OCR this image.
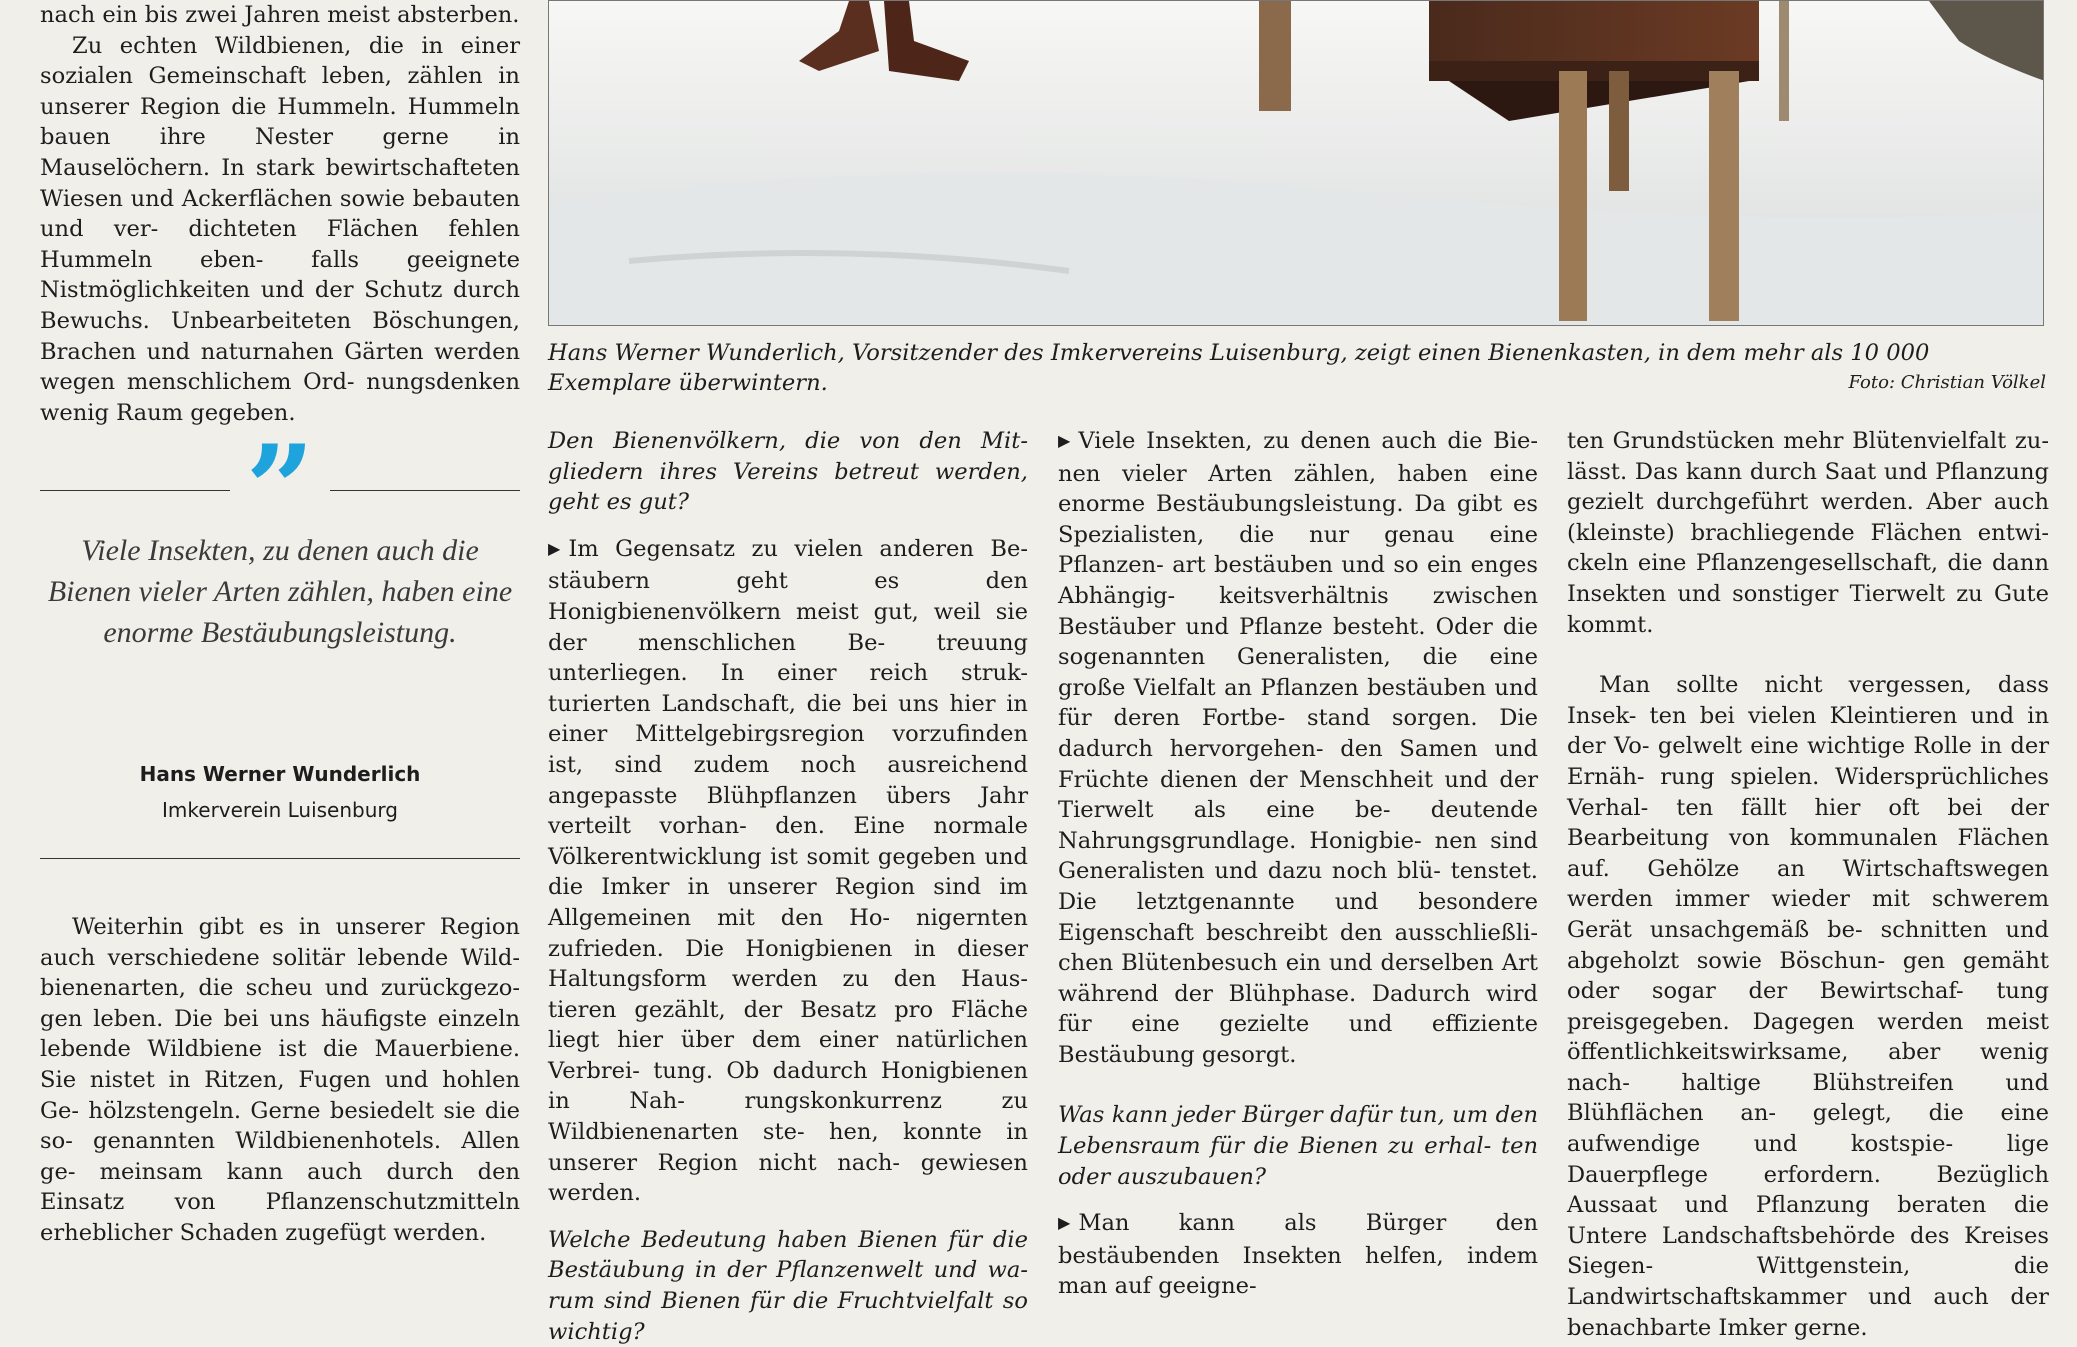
Hans Werner Wunderlich, Vorsitzender des Imkervereins Luisenburg, zeigt einen Bienenkasten, in dem mehr als 10 000 Exemplare überwintern.	Foto: Christian Völkel

nach ein bis zwei Jahren meist absterben.

Zu echten Wildbienen, die in einer sozialen Gemeinschaft leben, zählen in unserer Region die Hummeln. Hummeln bauen ihre Nester gerne in Mauselöchern. In stark bewirtschafteten Wiesen und Ackerflächen sowie bebauten und ver- dichteten Flächen fehlen Hummeln eben- falls geeignete Nistmöglichkeiten und der Schutz durch Bewuchs. Unbearbeiteten Böschungen, Brachen und naturnahen Gärten werden wegen menschlichem Ord- nungsdenken wenig Raum gegeben.

Weiterhin gibt es in unserer Region auch verschiedene solitär lebende Wild- bienenarten, die scheu und zurückgezo- gen leben. Die bei uns häufigste einzeln lebende Wildbiene ist die Mauerbiene. Sie nistet in Ritzen, Fugen und hohlen Ge- hölzstengeln. Gerne besiedelt sie die so- genannten Wildbienenhotels. Allen ge- meinsam kann auch durch den Einsatz von Pflanzenschutzmitteln erheblicher Schaden zugefügt werden.

”
Viele Insekten, zu denen auch die Bienen vieler Arten zählen, haben eine enorme Bestäubungsleistung.
Hans Werner Wunderlich
Imkerverein Luisenburg

Den Bienenvölkern, die von den Mit- gliedern ihres Vereins betreut werden, geht es gut?

▶ Im Gegensatz zu vielen anderen Be- stäubern geht es den Honigbienenvölkern meist gut, weil sie der menschlichen Be- treuung unterliegen. In einer reich struk- turierten Landschaft, die bei uns hier in einer Mittelgebirgsregion vorzufinden ist, sind zudem noch ausreichend angepasste Blühpflanzen übers Jahr verteilt vorhan- den. Eine normale Völkerentwicklung ist somit gegeben und die Imker in unserer Region sind im Allgemeinen mit den Ho- nigernten zufrieden. Die Honigbienen in dieser Haltungsform werden zu den Haus- tieren gezählt, der Besatz pro Fläche liegt hier über dem einer natürlichen Verbrei- tung. Ob dadurch Honigbienen in Nah- rungskonkurrenz zu Wildbienenarten ste- hen, konnte in unserer Region nicht nach- gewiesen werden.

Welche Bedeutung haben Bienen für die Bestäubung in der Pflanzenwelt und wa- rum sind Bienen für die Fruchtvielfalt so wichtig?

▶ Viele Insekten, zu denen auch die Bie- nen vieler Arten zählen, haben eine enorme Bestäubungsleistung. Da gibt es Spezialisten, die nur genau eine Pflanzen- art bestäuben und so ein enges Abhängig- keitsverhältnis zwischen Bestäuber und Pflanze besteht. Oder die sogenannten Generalisten, die eine große Vielfalt an Pflanzen bestäuben und für deren Fortbe- stand sorgen. Die dadurch hervorgehen- den Samen und Früchte dienen der Menschheit und der Tierwelt als eine be- deutende Nahrungsgrundlage. Honigbie- nen sind Generalisten und dazu noch blü- tenstet. Die letztgenannte und besondere Eigenschaft beschreibt den ausschließli- chen Blütenbesuch ein und derselben Art während der Blühphase. Dadurch wird für eine gezielte und effiziente Bestäubung gesorgt.

Was kann jeder Bürger dafür tun, um den Lebensraum für die Bienen zu erhal- ten oder auszubauen?

▶ Man kann als Bürger den bestäubenden Insekten helfen, indem man auf geeigne-

ten Grundstücken mehr Blütenvielfalt zu- lässt. Das kann durch Saat und Pflanzung gezielt durchgeführt werden. Aber auch (kleinste) brachliegende Flächen entwi- ckeln eine Pflanzengesellschaft, die dann Insekten und sonstiger Tierwelt zu Gute kommt.

Man sollte nicht vergessen, dass Insek- ten bei vielen Kleintieren und in der Vo- gelwelt eine wichtige Rolle in der Ernäh- rung spielen. Widersprüchliches Verhal- ten fällt hier oft bei der Bearbeitung von kommunalen Flächen auf. Gehölze an Wirtschaftswegen werden immer wieder mit schwerem Gerät unsachgemäß be- schnitten und abgeholzt sowie Böschun- gen gemäht oder sogar der Bewirtschaf- tung preisgegeben. Dagegen werden meist öffentlichkeitswirksame, aber wenig nach- haltige Blühstreifen und Blühflächen an- gelegt, die eine aufwendige und kostspie- lige Dauerpflege erfordern. Bezüglich Aussaat und Pflanzung beraten die Untere Landschaftsbehörde des Kreises Siegen- Wittgenstein, die Landwirtschaftskammer und auch der benachbarte Imker gerne.
